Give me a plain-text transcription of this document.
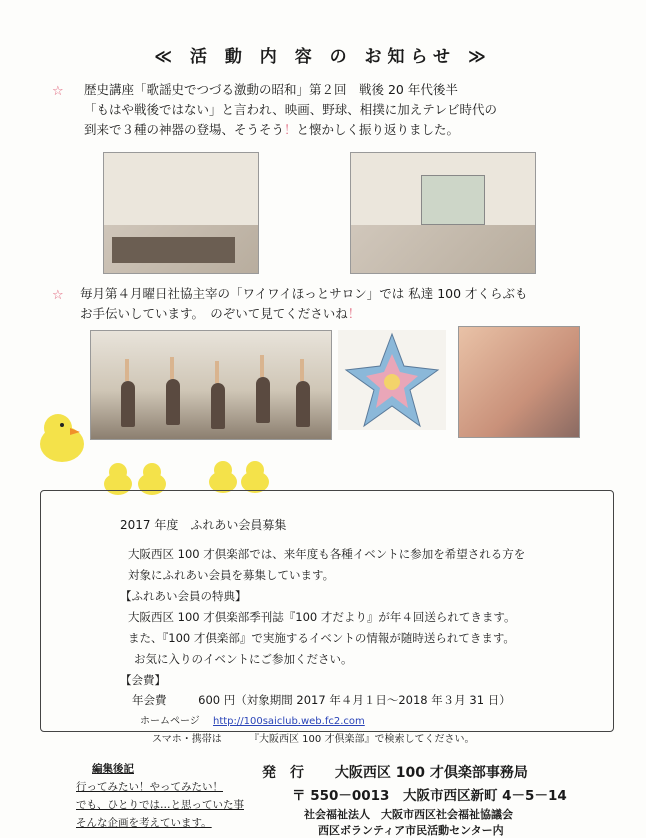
≪ 活 動 内 容 の お知らせ ≫
☆ 歴史講座「歌謡史でつづる激動の昭和」第２回　戦後 20 年代後半
「もはや戦後ではない」と言われ、映画、野球、相撲に加えテレビ時代の
到来で３種の神器の登場、そうそう！と懐かしく振り返りました。
☆ 毎月第４月曜日社協主宰の「ワイワイほっとサロン」では 私達 100 才くらぶも
お手伝いしています。　のぞいて見てくださいね！
2017 年度　ふれあい会員募集
大阪西区 100 才倶楽部では、来年度も各種イベントに参加を希望される方を
対象にふれあい会員を募集しています。
【ふれあい会員の特典】
大阪西区 100 才倶楽部季刊誌『100 才だより』が年４回送られてきます。
また、『100 才倶楽部』で実施するイベントの情報が随時送られてきます。
お気に入りのイベントにご参加ください。
【会費】
年会費	600 円（対象期間 2017 年４月１日～2018 年３月 31 日）
ホームページ http://100saiclub.web.fc2.com
スマホ・携帯は	『大阪西区 100 才倶楽部』で検索してください。
編集後記
行ってみたい！やってみたい！
でも、ひとりでは…と思っていた事
そんな企画を考えています。
発　行 大阪西区 100 才倶楽部事務局
〒 550－0013　大阪市西区新町 4－5－14
社会福祉法人　大阪市西区社会福祉協議会
西区ボランティア市民活動センター内
